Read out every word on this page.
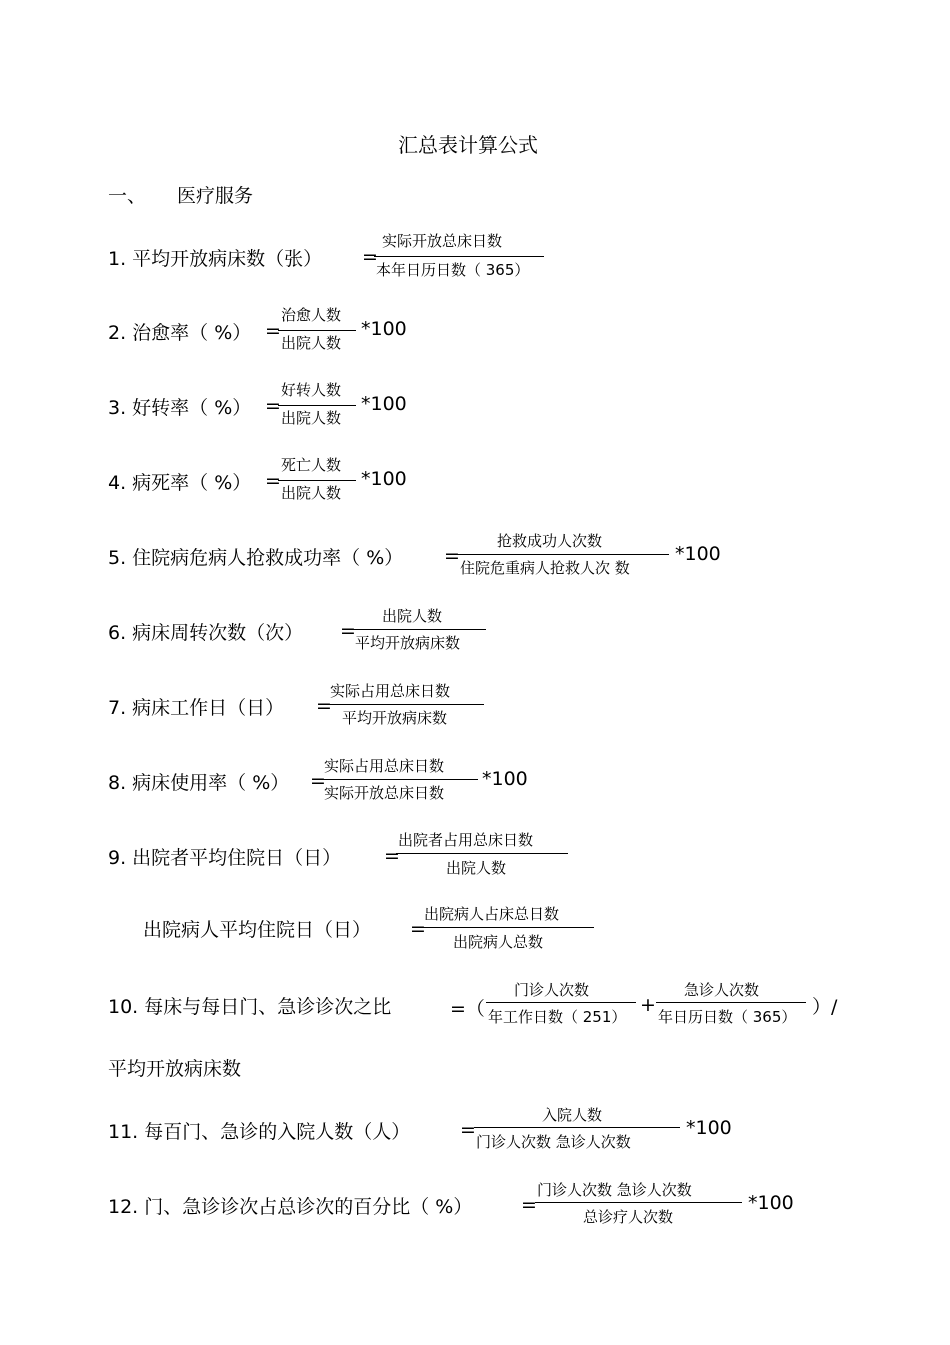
汇总表计算公式
一、 医疗服务
1. 平均开放病床数（张） =
实际开放总床日数
本年日历日数（ 365）
2. 治愈率（ %） =
治愈人数
出院人数
*100
3. 好转率（ %） =
好转人数
出院人数
*100
4. 病死率（ %） =
死亡人数
出院人数
*100
5. 住院病危病人抢救成功率（ %） =
抢救成功人次数
住院危重病人抢救人次 数
*100
6. 病床周转次数（次） =
出院人数
平均开放病床数
7. 病床工作日（日） =
实际占用总床日数
平均开放病床数
8. 病床使用率（ %） =
实际占用总床日数
实际开放总床日数
*100
9. 出院者平均住院日（日） =
出院者占用总床日数
出院人数
出院病人平均住院日（日） =
出院病人占床总日数
出院病人总数
10. 每床与每日门、急诊诊次之比	=（
门诊人次数
年工作日数（ 251）
+
急诊人次数
年日历日数（ 365） ）/
平均开放病床数
11. 每百门、急诊的入院人数（人）	=
入院人数
门诊人次数 急诊人次数
*100
12. 门、急诊诊次占总诊次的百分比（ %）	=
门诊人次数 急诊人次数
总诊疗人次数
*100
